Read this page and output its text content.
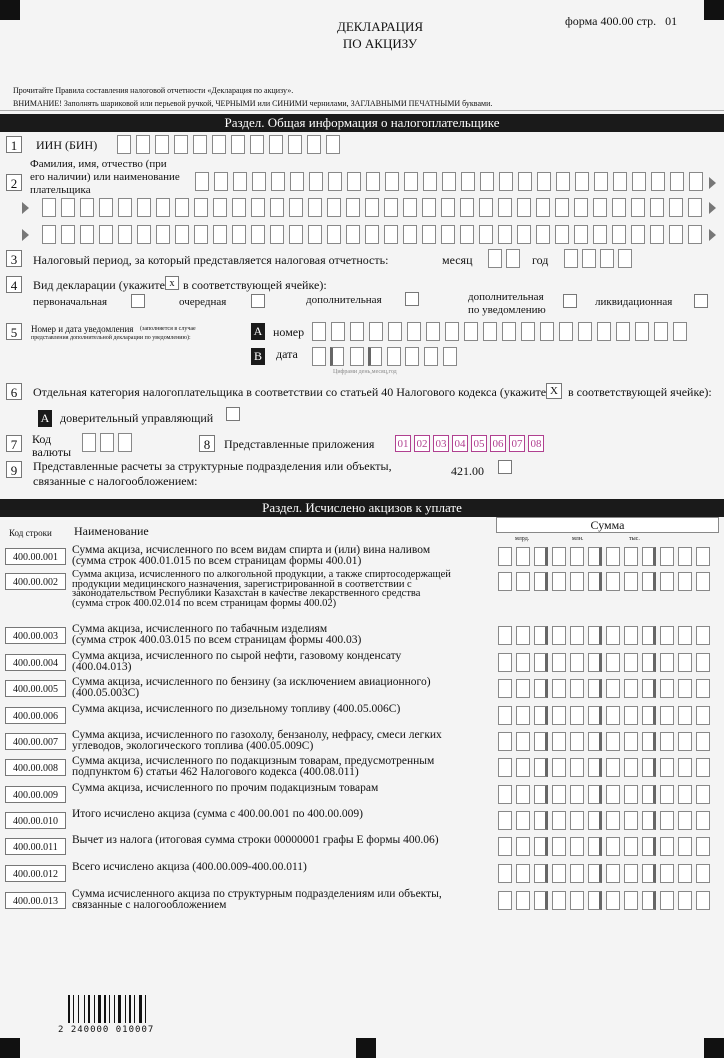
ДЕКЛАРАЦИЯ
ПО АКЦИЗУ
форма 400.00 стр. 01
Прочитайте Правила составления налоговой отчетности «Декларация по акцизу».
ВНИМАНИЕ! Заполнять шариковой или перьевой ручкой, ЧЕРНЫМИ или СИНИМИ чернилами, ЗАГЛАВНЫМИ ПЕЧАТНЫМИ буквами.
Раздел. Общая информация о налогоплательщике
1	ИИН (БИН)
2
Фамилия, имя, отчество (при
его наличии) или наименование
плательщика
3	Налоговый период, за который представляется налоговая отчетность:	месяц	год
4	Вид декларации (укажите x в соответствующей ячейке):
первоначальная	очередная	дополнительная	дополнительная
по уведомлению
ликвидационная
5	Номер и дата уведомления (заполняется в случае
представления дополнительной декларации по уведомлению):	A номер
B дата
Цифрами день,месяц,год
6	Отдельная категория налогоплательщика в соответствии со статьей 40 Налогового кодекса (укажите X в соответствующей ячейке):
A доверительный управляющий
7	Код
валюты	8	Представленные приложения 01 02 03 04 05 06 07 08
9	Представленные расчеты за структурные подразделения или объекты,
связанные с налогообложением:
421.00
Раздел. Исчислено акцизов к уплате
Код строки Наименование	Сумма
млрд.	млн.	тыс.
400.00.001
Сумма акциза, исчисленного по всем видам спирта и (или) вина наливом
(сумма строк 400.01.015 по всем страницам формы 400.01)
400.00.002
Сумма акциза, исчисленного по алкогольной продукции, а также спиртосодержащей
продукции медицинского назначения, зарегистрированной в соответствии с
законодательством Республики Казахстан в качестве лекарственного средства
(сумма строк 400.02.014 по всем страницам формы 400.02)
400.00.003
Сумма акциза, исчисленного по табачным изделиям
(сумма строк 400.03.015 по всем страницам формы 400.03)
400.00.004
Сумма акциза, исчисленного по сырой нефти, газовому конденсату
(400.04.013)
400.00.005
Сумма акциза, исчисленного по бензину (за исключением авиационного)
(400.05.003С)
400.00.006
Сумма акциза, исчисленного по дизельному топливу (400.05.006С)
400.00.007
Сумма акциза, исчисленного по газохолу, бензанолу, нефрасу, смеси легких
углеводов, экологического топлива (400.05.009С)
400.00.008
Сумма акциза, исчисленного по подакцизным товарам, предусмотренным
подпунктом 6) статьи 462 Налогового кодекса (400.08.011)
400.00.009
Сумма акциза, исчисленного по прочим подакцизным товарам
400.00.010
Итого исчислено акциза (сумма с 400.00.001 по 400.00.009)
400.00.011
Вычет из налога (итоговая сумма строки 00000001 графы Е формы 400.06)
400.00.012
Всего исчислено акциза (400.00.009-400.00.011)
400.00.013
Сумма исчисленного акциза по структурным подразделениям или объекты,
связанные с налогообложением
2 240000 010007
